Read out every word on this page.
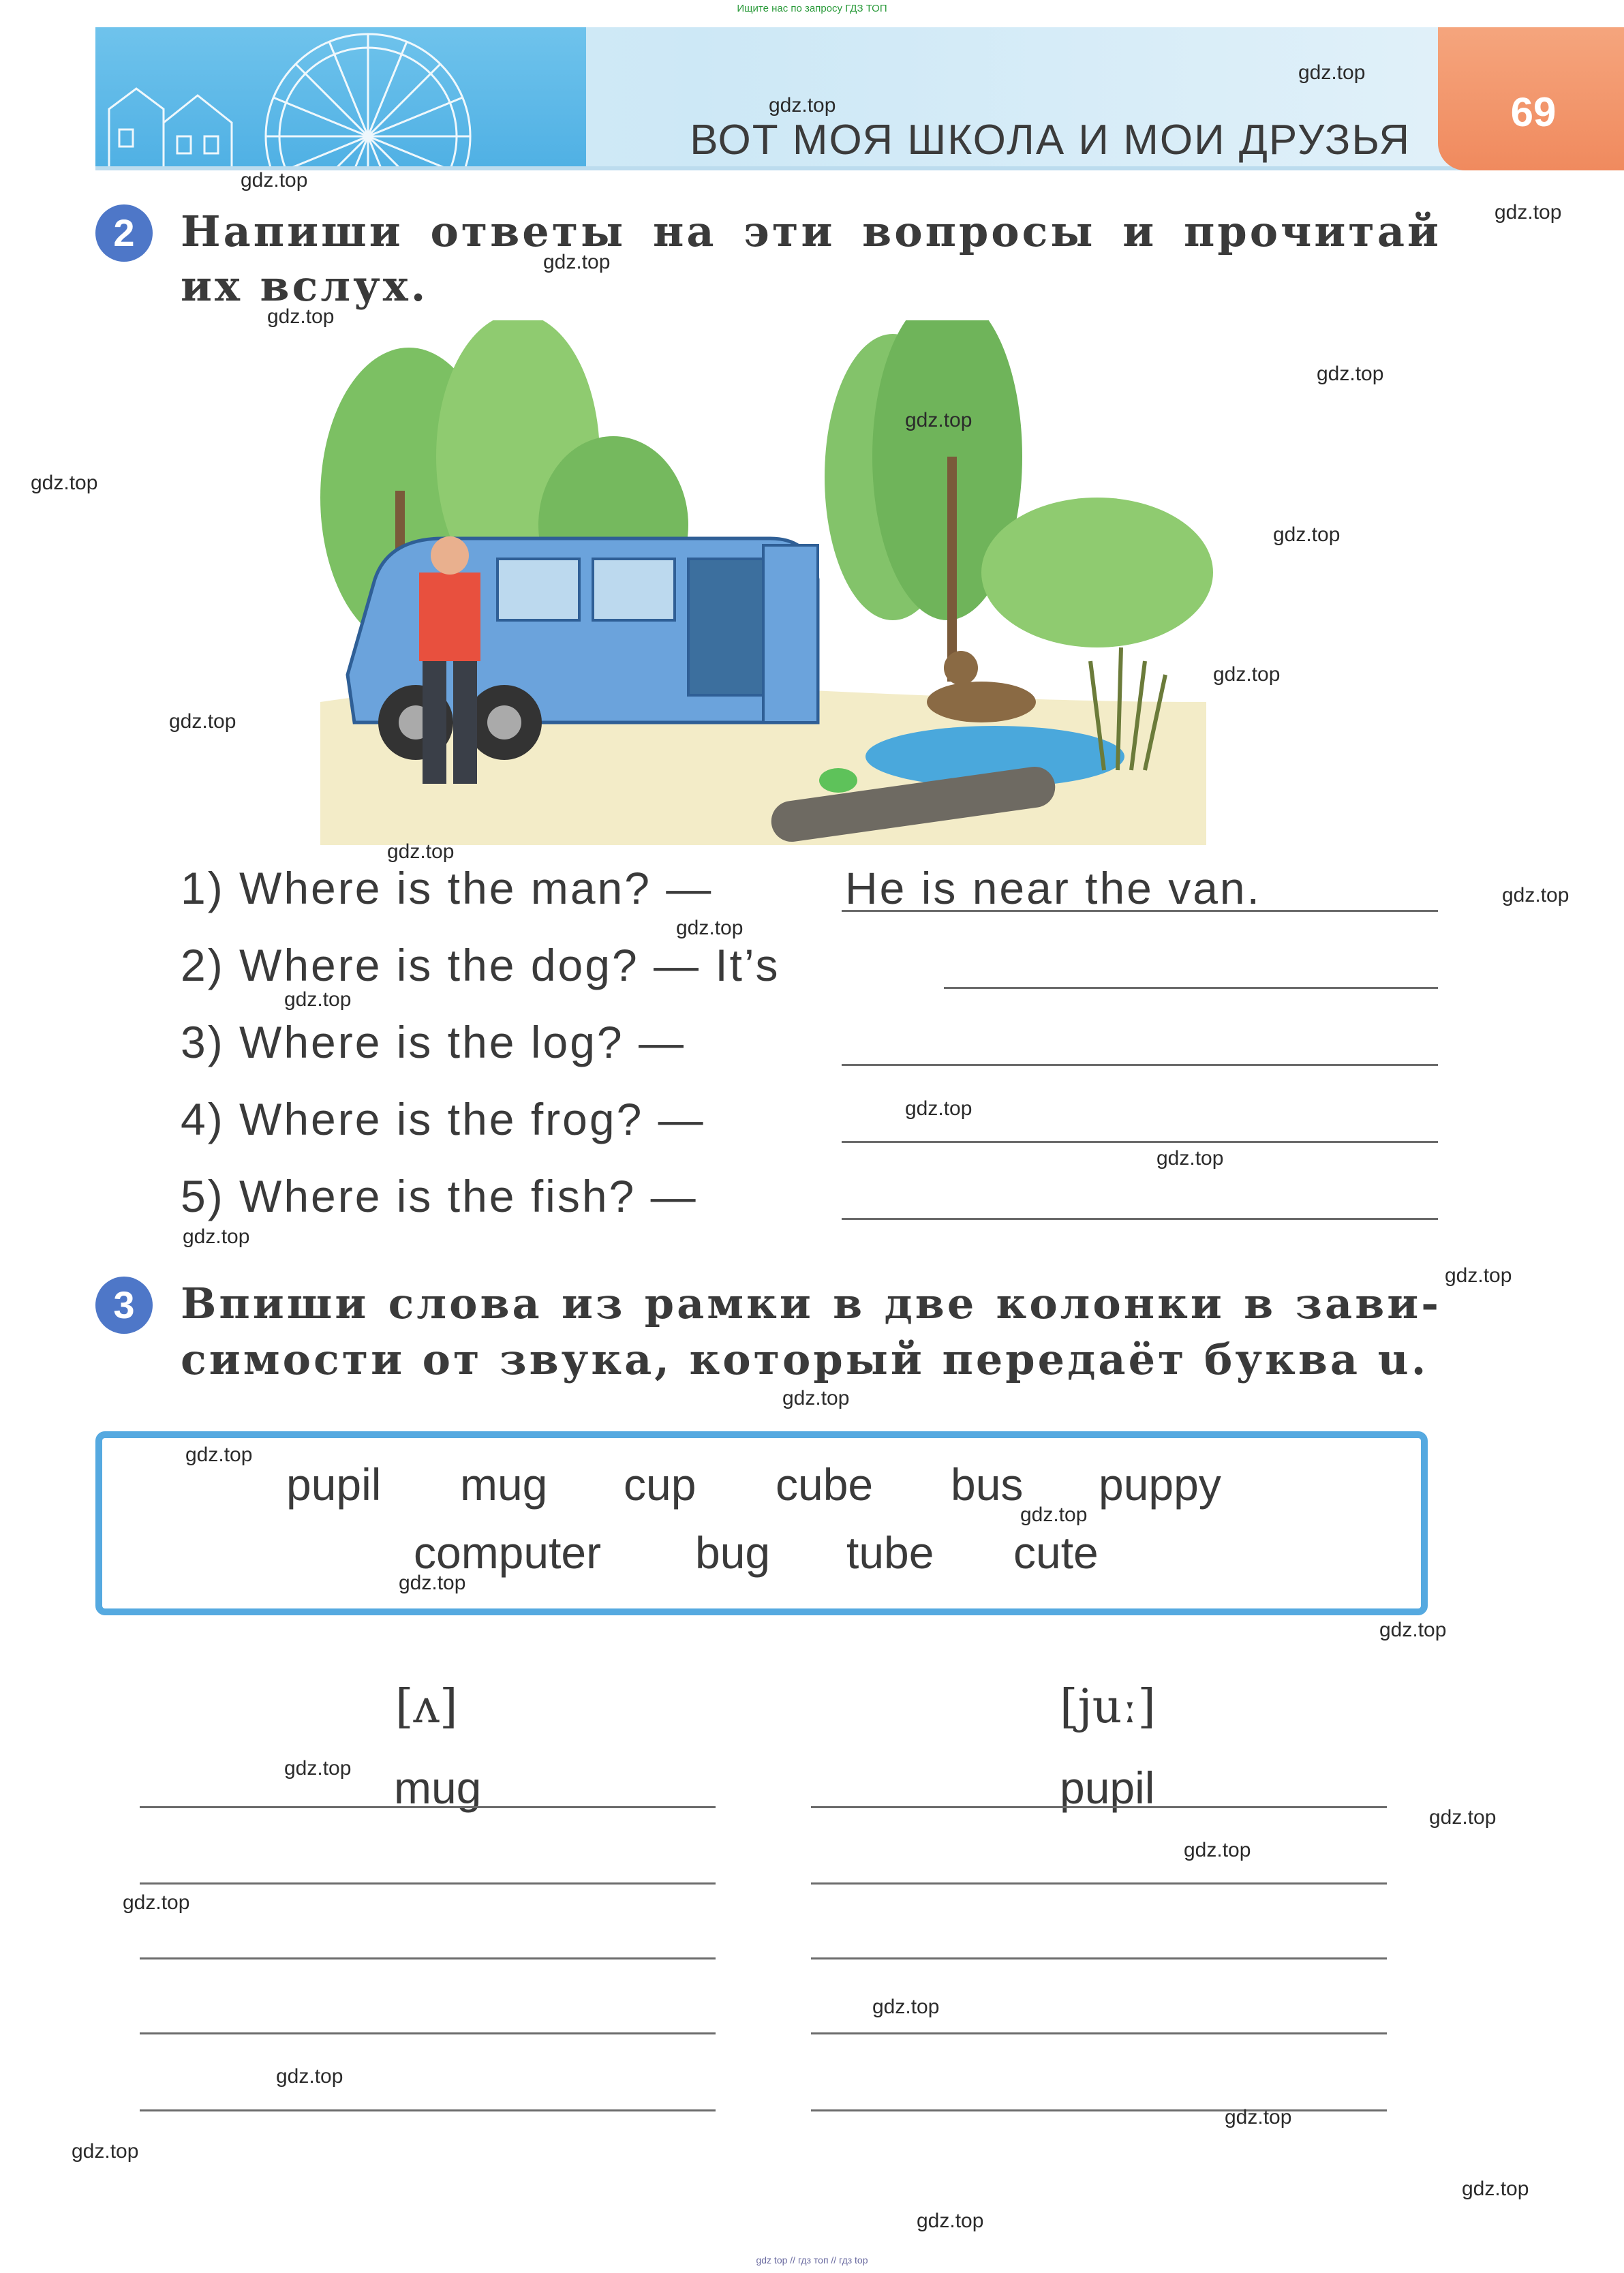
Ищите нас по запросу ГДЗ ТОП
69
ВОТ МОЯ ШКОЛА И МОИ ДРУЗЬЯ
2	Напиши ответы на эти вопросы и прочитай
их вслух.
1) Where is the man? —	He is near the van.
2) Where is the dog? — It’s
3) Where is the log? —
4) Where is the frog? —
5) Where is the fish? —
3	Впиши слова из рамки в две колонки в зави-
симости от звука, который передаёт буква u.
pupil mug cup cube bus puppy
computer bug tube cute
[ʌ]	[juː]
mug	pupil
gdz.top
gdz.top
gdz.top
gdz.top
gdz.top
gdz.top
gdz.top
gdz.top
gdz.top
gdz.top
gdz.top
gdz.top
gdz.top
gdz.top
gdz.top
gdz.top
gdz.top
gdz.top
gdz.top
gdz.top
gdz.top
gdz.top
gdz.top
gdz.top
gdz.top
gdz.top
gdz.top
gdz.top
gdz.top
gdz.top
gdz.top
gdz.top
gdz.top
gdz.top
gdz.top
gdz top // гдз топ // гдз top
